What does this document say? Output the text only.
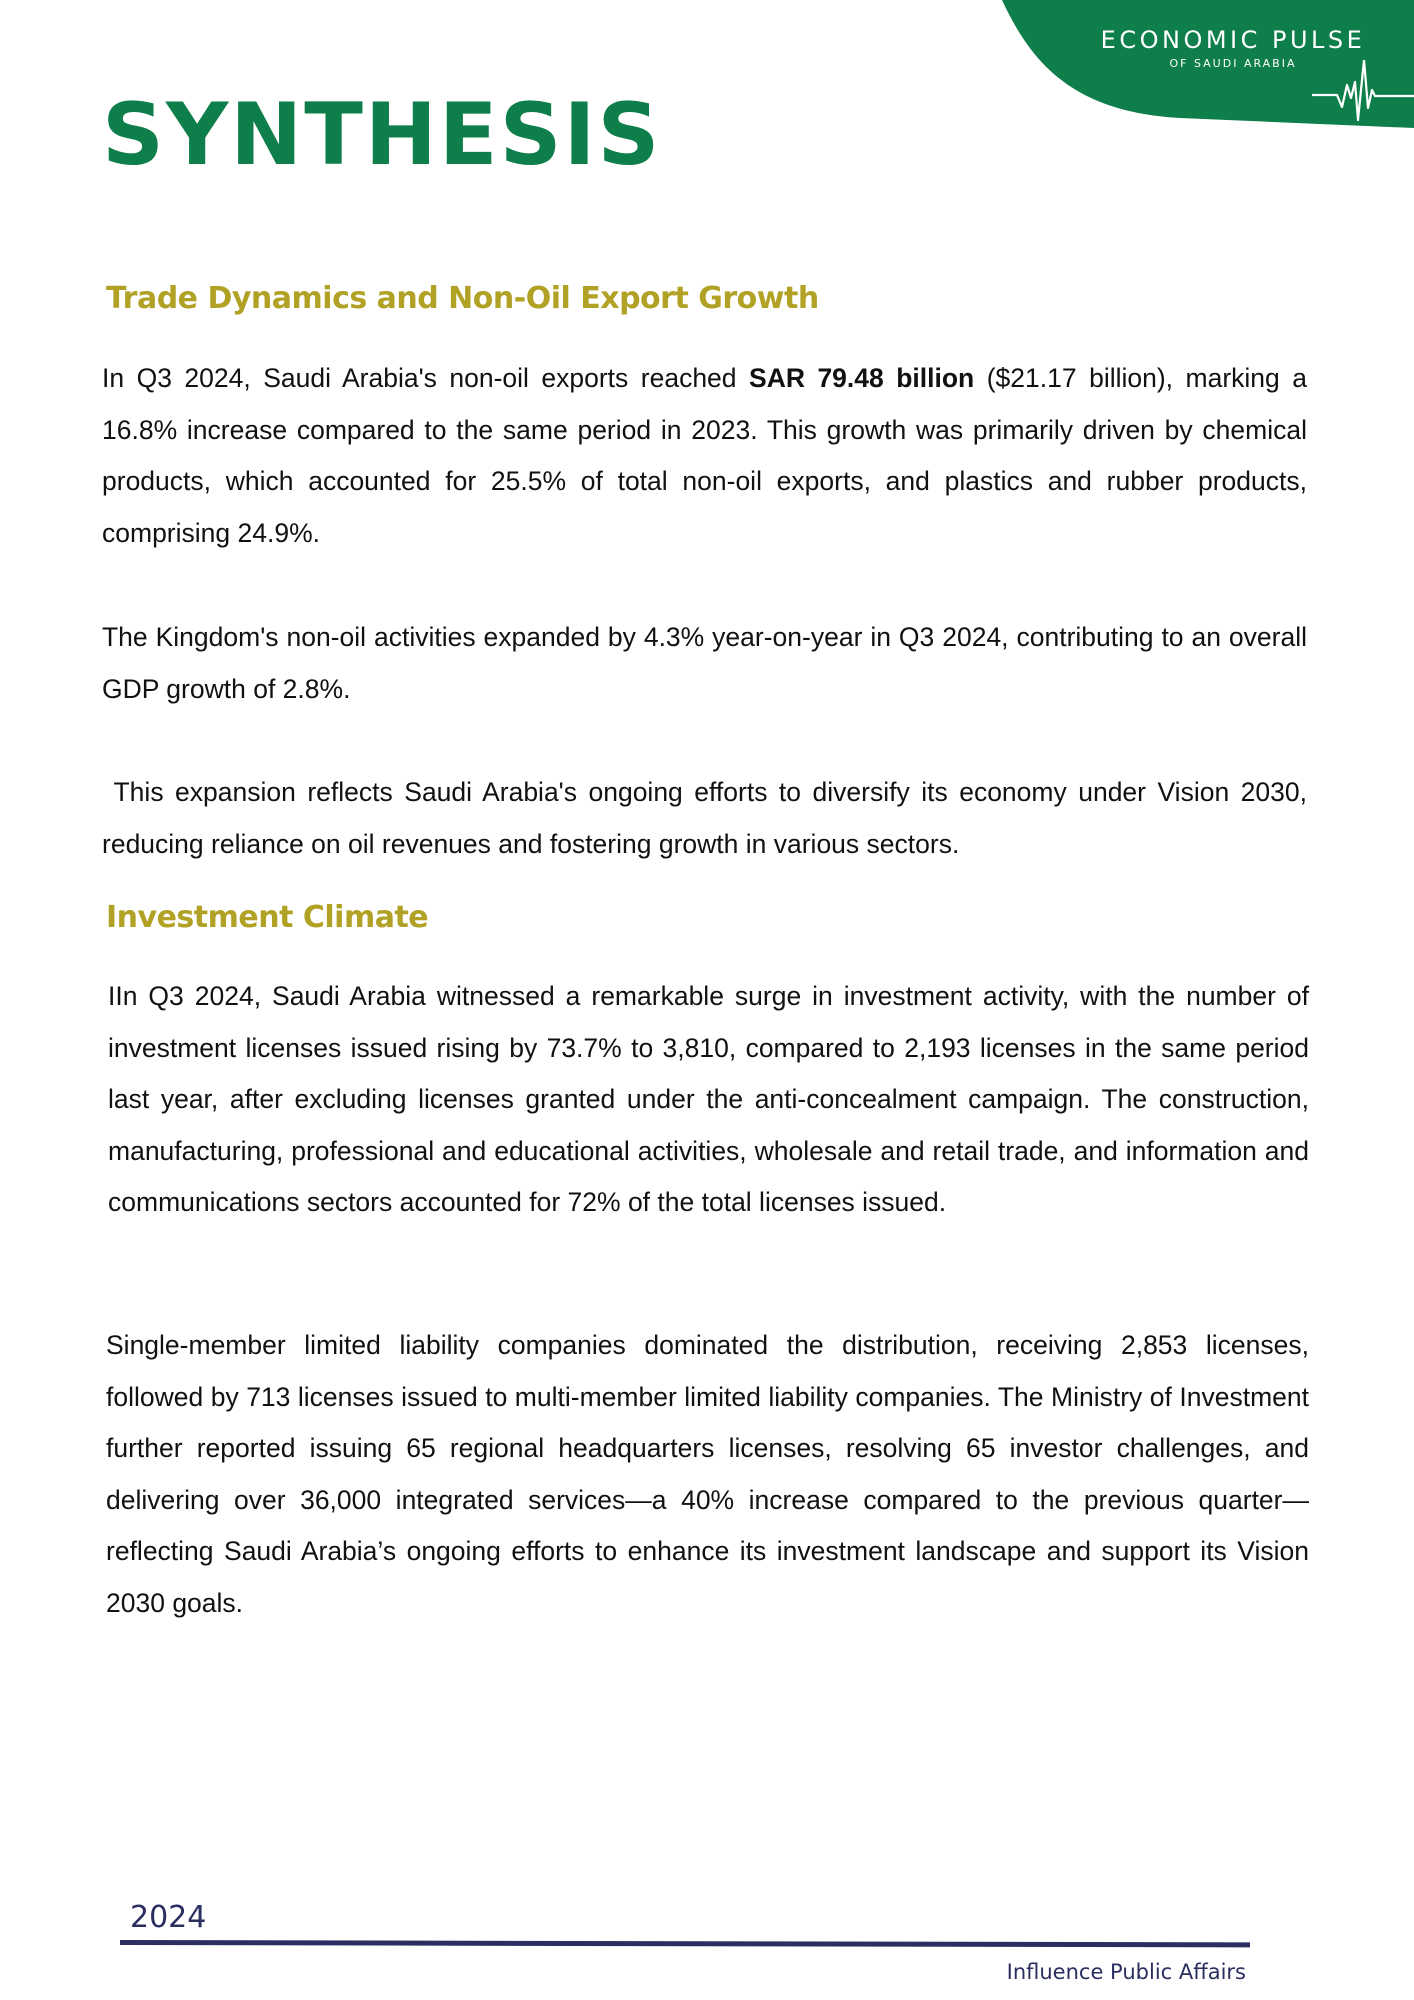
ECONOMIC PULSE
OF SAUDI ARABIA
SYNTHESIS
Trade Dynamics and Non-Oil Export Growth

In Q3 2024, Saudi Arabia's non-oil exports reached SAR 79.48 billion ($21.17 billion), marking a 16.8% increase compared to the same period in 2023. This growth was primarily driven by chemical products, which accounted for 25.5% of total non-oil exports, and plastics and rubber products, comprising 24.9%.

The Kingdom's non-oil activities expanded by 4.3% year-on-year in Q3 2024, contributing to an overall GDP growth of 2.8%.

This expansion reflects Saudi Arabia's ongoing efforts to diversify its economy under Vision 2030, reducing reliance on oil revenues and fostering growth in various sectors.

Investment Climate

IIn Q3 2024, Saudi Arabia witnessed a remarkable surge in investment activity, with the number of investment licenses issued rising by 73.7% to 3,810, compared to 2,193 licenses in the same period last year, after excluding licenses granted under the anti-concealment campaign. The construction, manufacturing, professional and educational activities, wholesale and retail trade, and information and communications sectors accounted for 72% of the total licenses issued.

Single-member limited liability companies dominated the distribution, receiving 2,853 licenses, followed by 713 licenses issued to multi-member limited liability companies. The Ministry of Investment further reported issuing 65 regional headquarters licenses, resolving 65 investor challenges, and delivering over 36,000 integrated services—a 40% increase compared to the previous quarter—reflecting Saudi Arabia’s ongoing efforts to enhance its investment landscape and support its Vision 2030 goals.

2024
Influence Public Affairs
